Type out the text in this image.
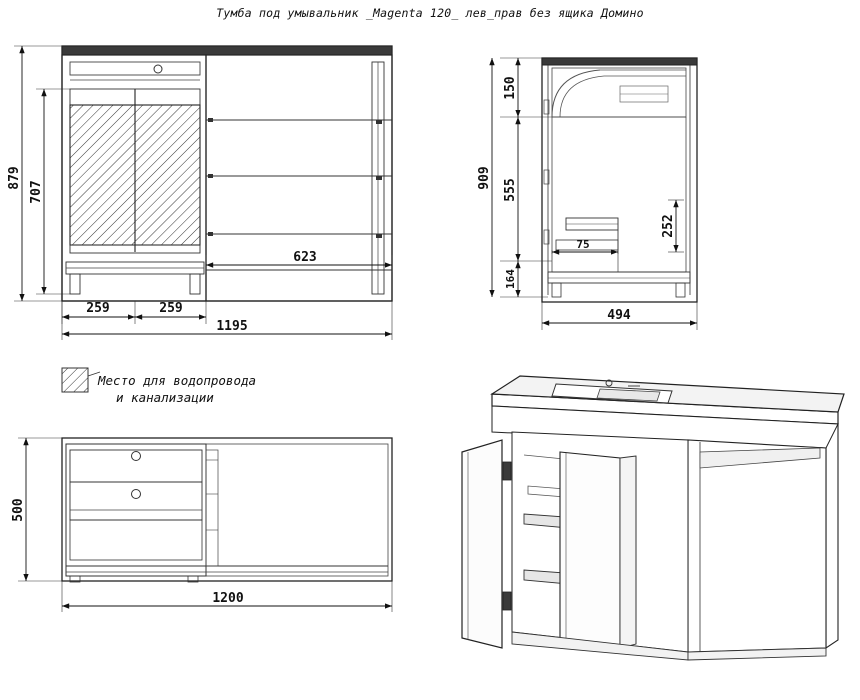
Тумба под умывальник _Magenta 120_ лев_прав без ящика Домино
Место для водопровода
и канализации
879
707
259	259
1195
623
150
555
164
909
494
75
252
500
1200
